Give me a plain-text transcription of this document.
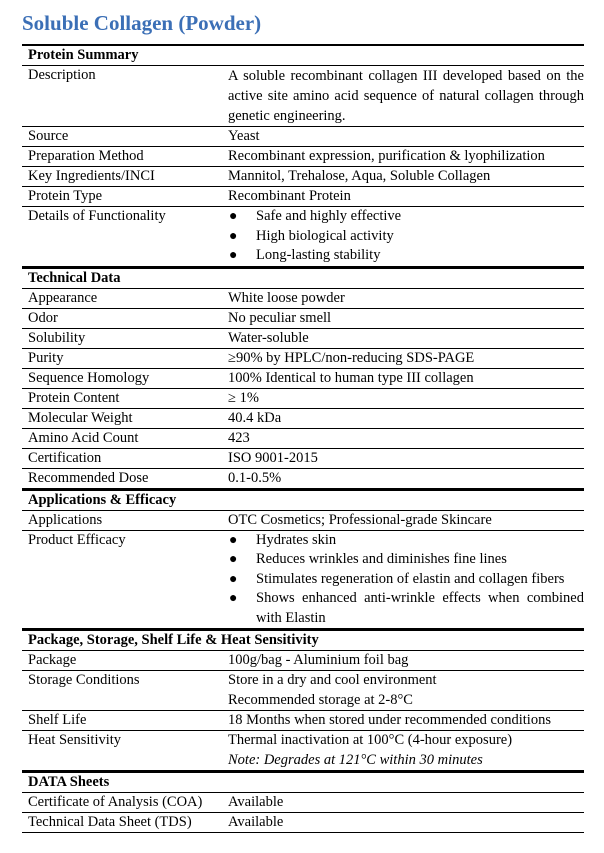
Soluble Collagen (Powder)
Protein Summary
Description	A soluble recombinant collagen III developed based on the active site amino acid sequence of natural collagen through genetic engineering.
Source	Yeast
Preparation Method	Recombinant expression, purification & lyophilization
Key Ingredients/INCI	Mannitol, Trehalose, Aqua, Soluble Collagen
Protein Type	Recombinant Protein
Details of Functionality	● Safe and highly effective
● High biological activity
● Long-lasting stability
Technical Data
Appearance	White loose powder
Odor	No peculiar smell
Solubility	Water-soluble
Purity	≥90% by HPLC/non-reducing SDS-PAGE
Sequence Homology	100% Identical to human type III collagen
Protein Content	≥ 1%
Molecular Weight	40.4 kDa
Amino Acid Count	423
Certification	ISO 9001-2015
Recommended Dose	0.1-0.5%
Applications & Efficacy
Applications	OTC Cosmetics; Professional-grade Skincare
Product Efficacy	● Hydrates skin
● Reduces wrinkles and diminishes fine lines
● Stimulates regeneration of elastin and collagen fibers
● Shows enhanced anti-wrinkle effects when combined with Elastin
Package, Storage, Shelf Life & Heat Sensitivity
Package	100g/bag - Aluminium foil bag
Storage Conditions	Store in a dry and cool environment
Recommended storage at 2-8°C
Shelf Life	18 Months when stored under recommended conditions
Heat Sensitivity	Thermal inactivation at 100°C (4-hour exposure)
Note: Degrades at 121°C within 30 minutes
DATA Sheets
Certificate of Analysis (COA)	Available
Technical Data Sheet (TDS)	Available
